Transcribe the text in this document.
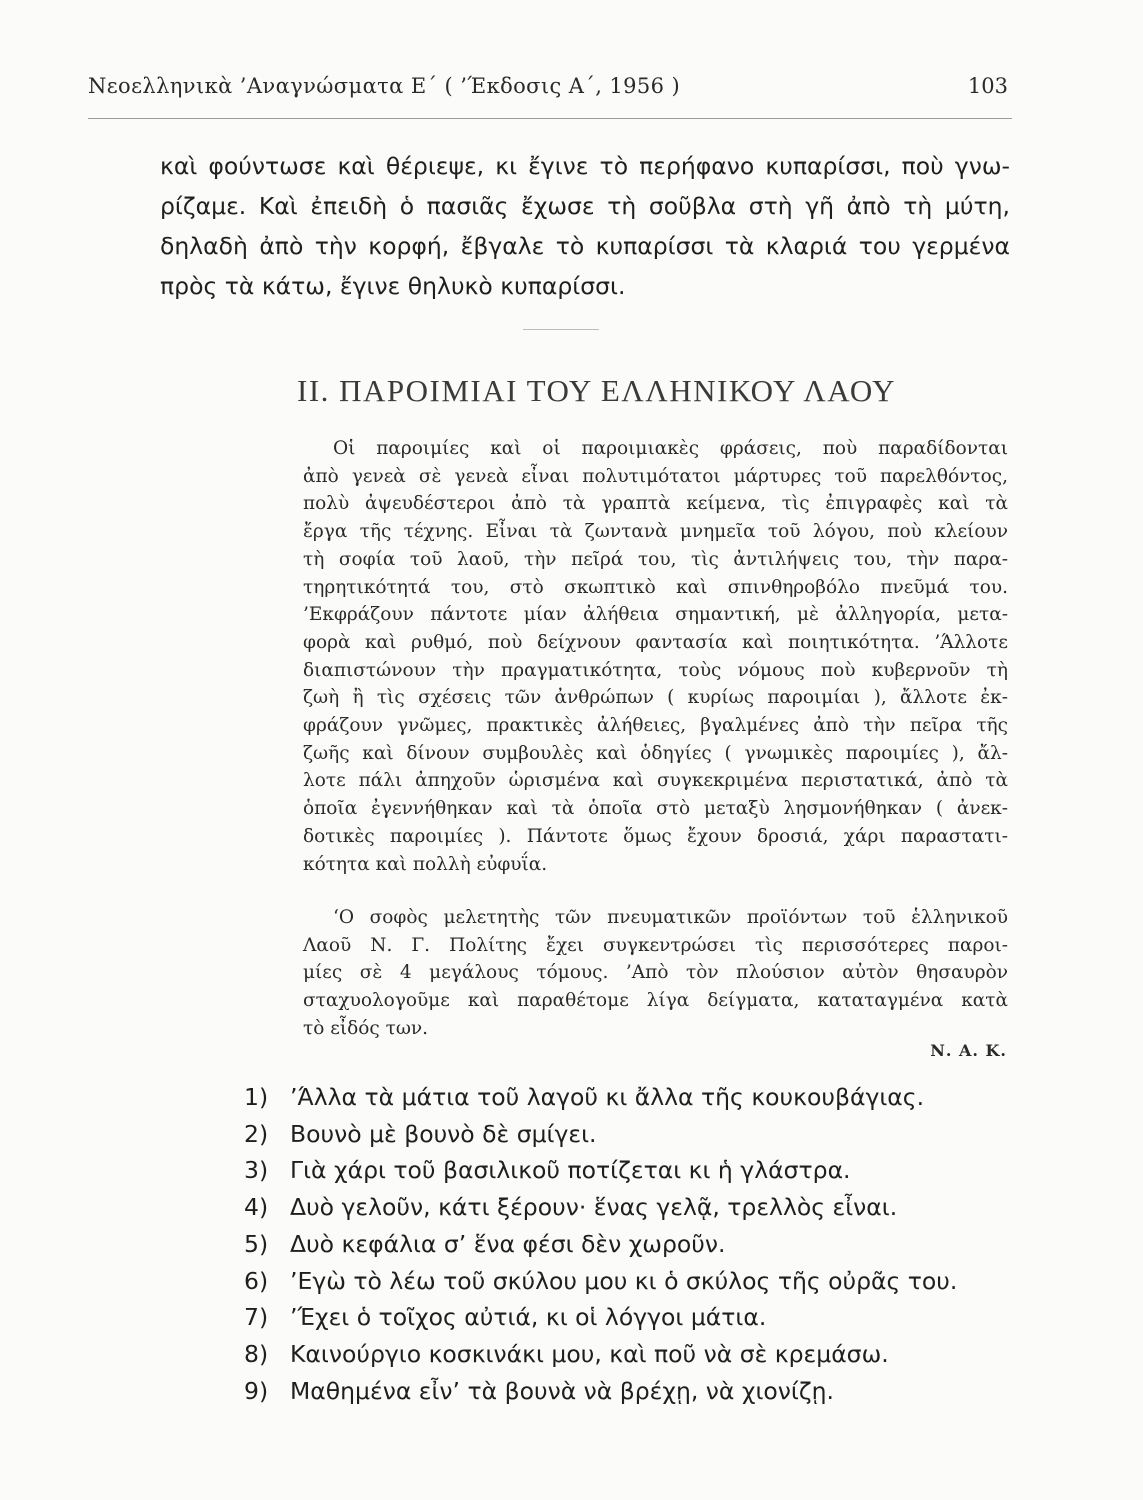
Νεοελληνικὰ ’Αναγνώσματα Ε΄ ( ’Έκδοσις Α΄, 1956 )	103
καὶ φούντωσε καὶ θέριεψε, κι ἔγινε τὸ περήφανο κυπαρίσσι, ποὺ γνω-
ρίζαμε. Καὶ ἐπειδὴ ὁ πασιᾶς ἔχωσε τὴ σοῦβλα στὴ γῆ ἀπὸ τὴ μύτη,
δηλαδὴ ἀπὸ τὴν κορφή, ἔβγαλε τὸ κυπαρίσσι τὰ κλαριά του γερμένα
πρὸς τὰ κάτω, ἔγινε θηλυκὸ κυπαρίσσι.
II. ΠΑΡΟΙΜΙΑΙ ΤΟΥ ΕΛΛΗΝΙΚΟΥ ΛΑΟΥ
Οἱ παροιμίες καὶ οἱ παροιμιακὲς φράσεις, ποὺ παραδίδονται
ἀπὸ γενεὰ σὲ γενεὰ εἶναι πολυτιμότατοι μάρτυρες τοῦ παρελθόντος,
πολὺ ἀψευδέστεροι ἀπὸ τὰ γραπτὰ κείμενα, τὶς ἐπιγραφὲς καὶ τὰ
ἔργα τῆς τέχνης. Εἶναι τὰ ζωντανὰ μνημεῖα τοῦ λόγου, ποὺ κλείουν
τὴ σοφία τοῦ λαοῦ, τὴν πεῖρά του, τὶς ἀντιλήψεις του, τὴν παρα-
τηρητικότητά του, στὸ σκωπτικὸ καὶ σπινθηροβόλο πνεῦμά του.
’Εκφράζουν πάντοτε μίαν ἀλήθεια σημαντική, μὲ ἀλληγορία, μετα-
φορὰ καὶ ρυθμό, ποὺ δείχνουν φαντασία καὶ ποιητικότητα. ’Άλλοτε
διαπιστώνουν τὴν πραγματικότητα, τοὺς νόμους ποὺ κυβερνοῦν τὴ
ζωὴ ἢ τὶς σχέσεις τῶν ἀνθρώπων ( κυρίως παροιμίαι ), ἄλλοτε ἐκ-
φράζουν γνῶμες, πρακτικὲς ἀλήθειες, βγαλμένες ἀπὸ τὴν πεῖρα τῆς
ζωῆς καὶ δίνουν συμβουλὲς καὶ ὁδηγίες ( γνωμικὲς παροιμίες ), ἄλ-
λοτε πάλι ἀπηχοῦν ὡρισμένα καὶ συγκεκριμένα περιστατικά, ἀπὸ τὰ
ὁποῖα ἐγεννήθηκαν καὶ τὰ ὁποῖα στὸ μεταξὺ λησμονήθηκαν ( ἀνεκ-
δοτικὲς παροιμίες ). Πάντοτε ὅμως ἔχουν δροσιά, χάρι παραστατι-
κότητα καὶ πολλὴ εὐφυΐα.
‘Ο σοφὸς μελετητὴς τῶν πνευματικῶν προϊόντων τοῦ ἑλληνικοῦ
Λαοῦ Ν. Γ. Πολίτης ἔχει συγκεντρώσει τὶς περισσότερες παροι-
μίες σὲ 4 μεγάλους τόμους. ’Απὸ τὸν πλούσιον αὐτὸν θησαυρὸν
σταχυολογοῦμε καὶ παραθέτομε λίγα δείγματα, καταταγμένα κατὰ
τὸ εἶδός των.
Ν. Α. Κ.
1) ’Άλλα τὰ μάτια τοῦ λαγοῦ κι ἄλλα τῆς κουκουβάγιας.
2) Βουνὸ μὲ βουνὸ δὲ σμίγει.
3) Γιὰ χάρι τοῦ βασιλικοῦ ποτίζεται κι ἡ γλάστρα.
4) Δυὸ γελοῦν, κάτι ξέρουν· ἕνας γελᾷ, τρελλὸς εἶναι.
5) Δυὸ κεφάλια σ’ ἕνα φέσι δὲν χωροῦν.
6) ’Εγὼ τὸ λέω τοῦ σκύλου μου κι ὁ σκύλος τῆς οὐρᾶς του.
7) ’Έχει ὁ τοῖχος αὐτιά, κι οἱ λόγγοι μάτια.
8) Καινούργιο κοσκινάκι μου, καὶ ποῦ νὰ σὲ κρεμάσω.
9) Μαθημένα εἶν’ τὰ βουνὰ νὰ βρέχῃ, νὰ χιονίζῃ.
